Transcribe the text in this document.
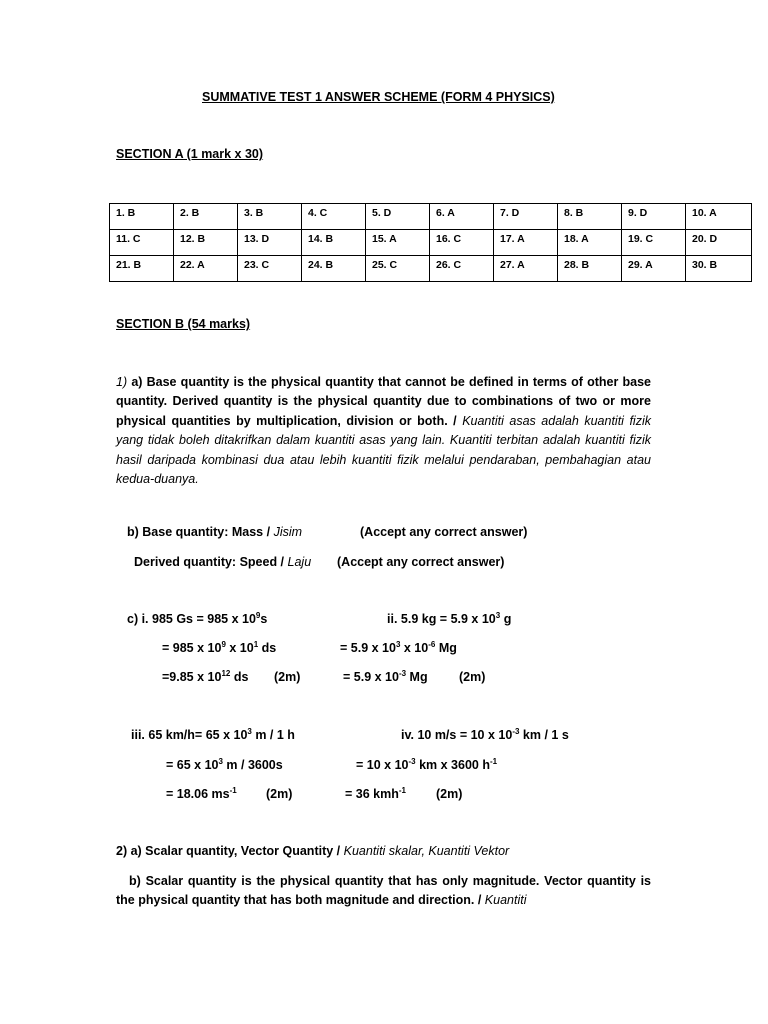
SUMMATIVE TEST 1 ANSWER SCHEME (FORM 4 PHYSICS)
SECTION A (1 mark x 30)
1. B	2. B	3. B	4. C	5. D	6. A	7. D	8. B	9. D	10. A
11. C	12. B	13. D	14. B	15. A	16. C	17. A	18. A	19. C	20. D
21. B	22. A	23. C	24. B	25. C	26. C	27. A	28. B	29. A	30. B
SECTION B (54 marks)
1) a) Base quantity is the physical quantity that cannot be defined in terms of other base quantity. Derived quantity is the physical quantity due to combinations of two or more physical quantities by multiplication, division or both. / Kuantiti asas adalah kuantiti fizik yang tidak boleh ditakrifkan dalam kuantiti asas yang lain. Kuantiti terbitan adalah kuantiti fizik hasil daripada kombinasi dua atau lebih kuantiti fizik melalui pendaraban, pembahagian atau kedua-duanya.
b) Base quantity: Mass / Jisim	(Accept any correct answer)
Derived quantity: Speed / Laju (Accept any correct answer)
c) i. 985 Gs = 985 x $10^9s$
= 985 x $10^9$ x $10^1$ ds
=9.85 x $10^{12}$ ds (2m)
ii. 5.9 kg = 5.9 x $10^3$ g
= 5.9 x $10^3$ x $10^{-6}$ Mg
= 5.9 x $10^{-3}$ Mg	(2m)
iii. 65 km/h= 65 x $10^3$ m / 1 h
= 65 x $10^3$ m / 3600s
= 18.06 $ms^{-1}$ (2m)
iv. 10 m/s = 10 x $10^{-3}$ km / 1 s
= 10 x $10^{-3}$ km x 3600 $h^{-1}$
= 36 kmh$^{-1}$ (2m)
2) a) Scalar quantity, Vector Quantity / Kuantiti skalar, Kuantiti Vektor
b) Scalar quantity is the physical quantity that has only magnitude. Vector quantity is the physical quantity that has both magnitude and direction. / Kuantiti
